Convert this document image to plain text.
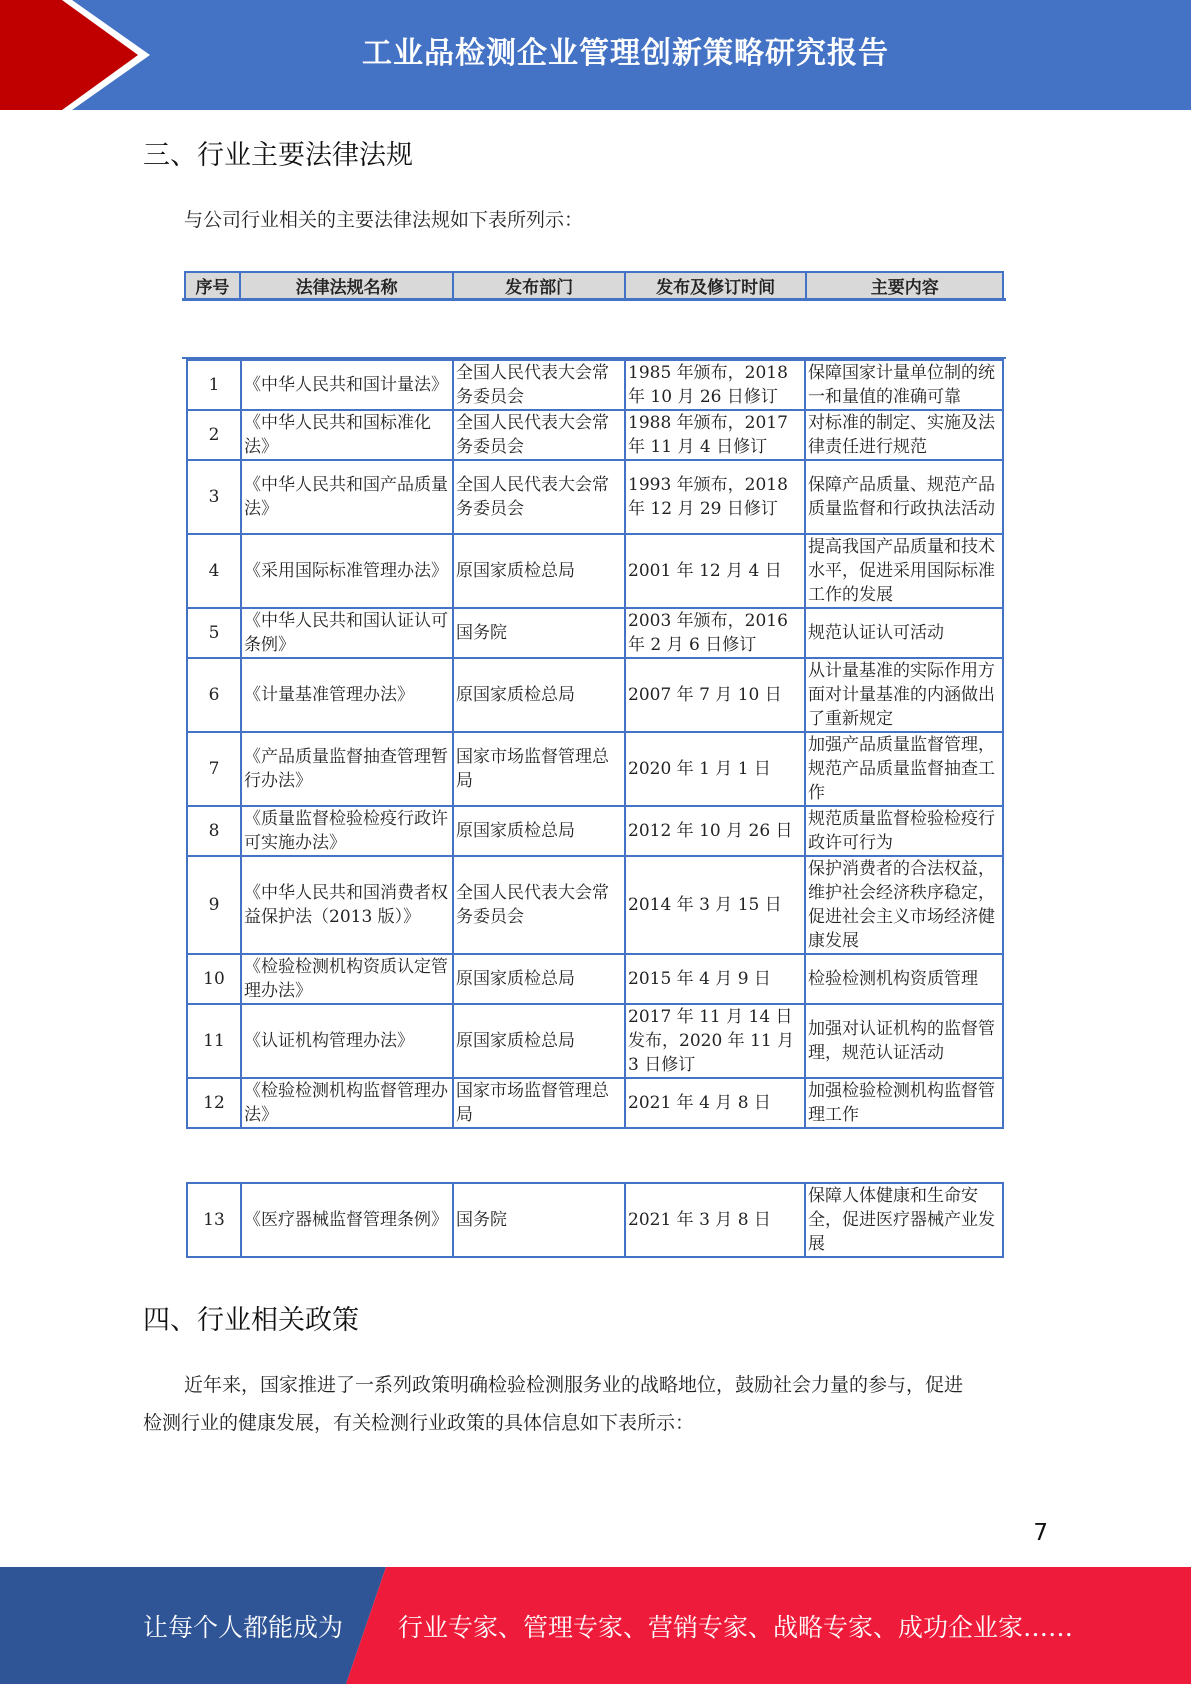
工业品检测企业管理创新策略研究报告
三、行业主要法律法规
与公司行业相关的主要法律法规如下表所列示：
序号	法律法规名称	发布部门	发布及修订时间	主要内容
1	《中华人民共和国计量法》	全国人民代表大会常务委员会	1985 年颁布，2018 年 10 月 26 日修订	保障国家计量单位制的统一和量值的准确可靠
2	《中华人民共和国标准化法》	全国人民代表大会常务委员会	1988 年颁布，2017 年 11 月 4 日修订	对标准的制定、实施及法律责任进行规范
3	《中华人民共和国产品质量法》	全国人民代表大会常务委员会	1993 年颁布，2018 年 12 月 29 日修订	保障产品质量、规范产品质量监督和行政执法活动
4	《采用国际标准管理办法》	原国家质检总局	2001 年 12 月 4 日	提高我国产品质量和技术水平，促进采用国际标准工作的发展
5	《中华人民共和国认证认可条例》	国务院	2003 年颁布，2016 年 2 月 6 日修订	规范认证认可活动
6	《计量基准管理办法》	原国家质检总局	2007 年 7 月 10 日	从计量基准的实际作用方面对计量基准的内涵做出了重新规定
7	《产品质量监督抽查管理暂行办法》	国家市场监督管理总局	2020 年 1 月 1 日	加强产品质量监督管理，规范产品质量监督抽查工作
8	《质量监督检验检疫行政许可实施办法》	原国家质检总局	2012 年 10 月 26 日	规范质量监督检验检疫行政许可行为
9	《中华人民共和国消费者权益保护法（2013 版）》	全国人民代表大会常务委员会	2014 年 3 月 15 日	保护消费者的合法权益，维护社会经济秩序稳定，促进社会主义市场经济健康发展
10	《检验检测机构资质认定管理办法》	原国家质检总局	2015 年 4 月 9 日	检验检测机构资质管理
11	《认证机构管理办法》	原国家质检总局	2017 年 11 月 14 日发布，2020 年 11 月 3 日修订	加强对认证机构的监督管理，规范认证活动
12	《检验检测机构监督管理办法》	国家市场监督管理总局	2021 年 4 月 8 日	加强检验检测机构监督管理工作
13	《医疗器械监督管理条例》	国务院	2021 年 3 月 8 日	保障人体健康和生命安全，促进医疗器械产业发展
四、行业相关政策
近年来，国家推进了一系列政策明确检验检测服务业的战略地位，鼓励社会力量的参与，促进
检测行业的健康发展，有关检测行业政策的具体信息如下表所示：
7
让每个人都能成为 行业专家、管理专家、营销专家、战略专家、成功企业家……
